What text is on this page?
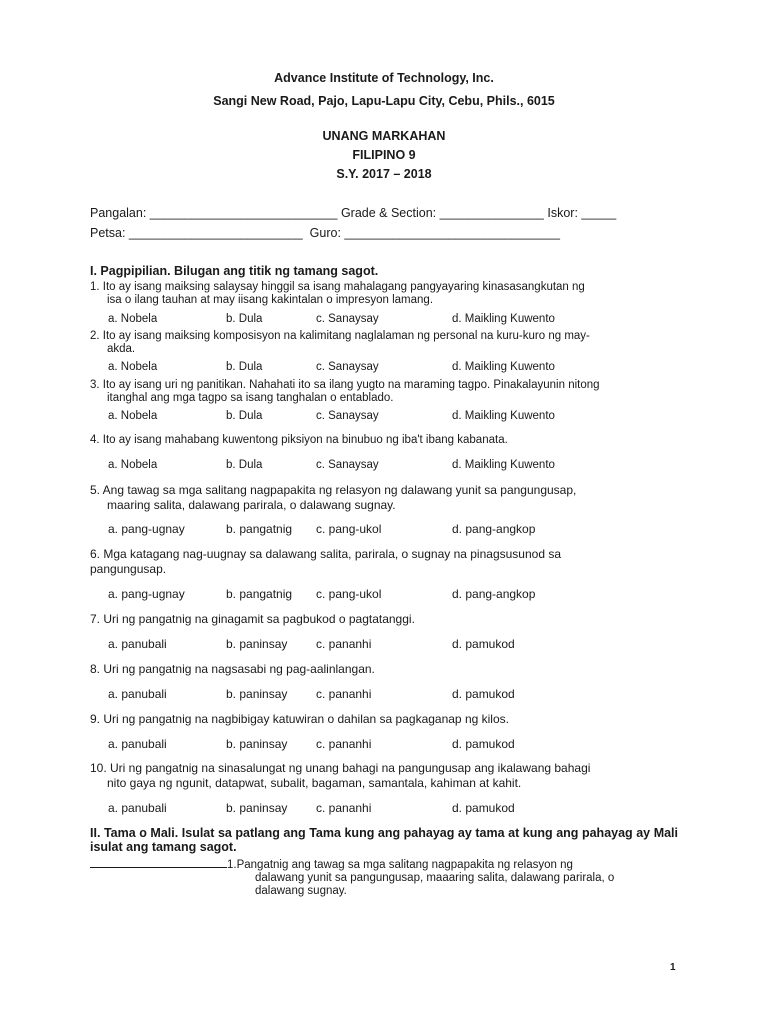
Advance Institute of Technology, Inc.
Sangi New Road, Pajo, Lapu-Lapu City, Cebu, Phils., 6015
UNANG MARKAHAN
FILIPINO 9
S.Y. 2017 – 2018
Pangalan: ___________________________ Grade & Section: _______________ Iskor: _____
Petsa: _________________________  Guro: _______________________________
I. Pagpipilian. Bilugan ang titik ng tamang sagot.
1. Ito ay isang maiksing salaysay hinggil sa isang mahalagang pangyayaring kinasasangkutan ng
isa o ilang tauhan at may iisang kakintalan o impresyon lamang.
a. Nobela	b. Dula	c. Sanaysay	d. Maikling Kuwento
2. Ito ay isang maiksing komposisyon na kalimitang naglalaman ng personal na kuru-kuro ng may-
akda.
a. Nobela	b. Dula	c. Sanaysay	d. Maikling Kuwento
3. Ito ay isang uri ng panitikan. Nahahati ito sa ilang yugto na maraming tagpo. Pinakalayunin nitong
itanghal ang mga tagpo sa isang tanghalan o entablado.
a. Nobela	b. Dula	c. Sanaysay	d. Maikling Kuwento
4. Ito ay isang mahabang kuwentong piksiyon na binubuo ng iba't ibang kabanata.
a. Nobela	b. Dula	c. Sanaysay	d. Maikling Kuwento
5. Ang tawag sa mga salitang nagpapakita ng relasyon ng dalawang yunit sa pangungusap,
maaring salita, dalawang parirala, o dalawang sugnay.
a. pang-ugnay	b. pangatnig c. pang-ukol	d. pang-angkop
6. Mga katagang nag-uugnay sa dalawang salita, parirala, o sugnay na pinagsusunod sa
pangungusap.
a. pang-ugnay	b. pangatnig c. pang-ukol	d. pang-angkop
7. Uri ng pangatnig na ginagamit sa pagbukod o pagtatanggi.
a. panubali	b. paninsay c. pananhi	d. pamukod
8. Uri ng pangatnig na nagsasabi ng pag-aalinlangan.
a. panubali	b. paninsay c. pananhi	d. pamukod
9. Uri ng pangatnig na nagbibigay katuwiran o dahilan sa pagkaganap ng kilos.
a. panubali	b. paninsay c. pananhi	d. pamukod
10. Uri ng pangatnig na sinasalungat ng unang bahagi na pangungusap ang ikalawang bahagi
nito gaya ng ngunit, datapwat, subalit, bagaman, samantala, kahiman at kahit.
a. panubali	b. paninsay c. pananhi	d. pamukod
II. Tama o Mali. Isulat sa patlang ang Tama kung ang pahayag ay tama at kung ang pahayag ay Mali isulat ang tamang sagot.
1.Pangatnig ang tawag sa mga salitang nagpapakita ng relasyon ng
dalawang yunit sa pangungusap, maaaring salita, dalawang parirala, o
dalawang sugnay.
1
